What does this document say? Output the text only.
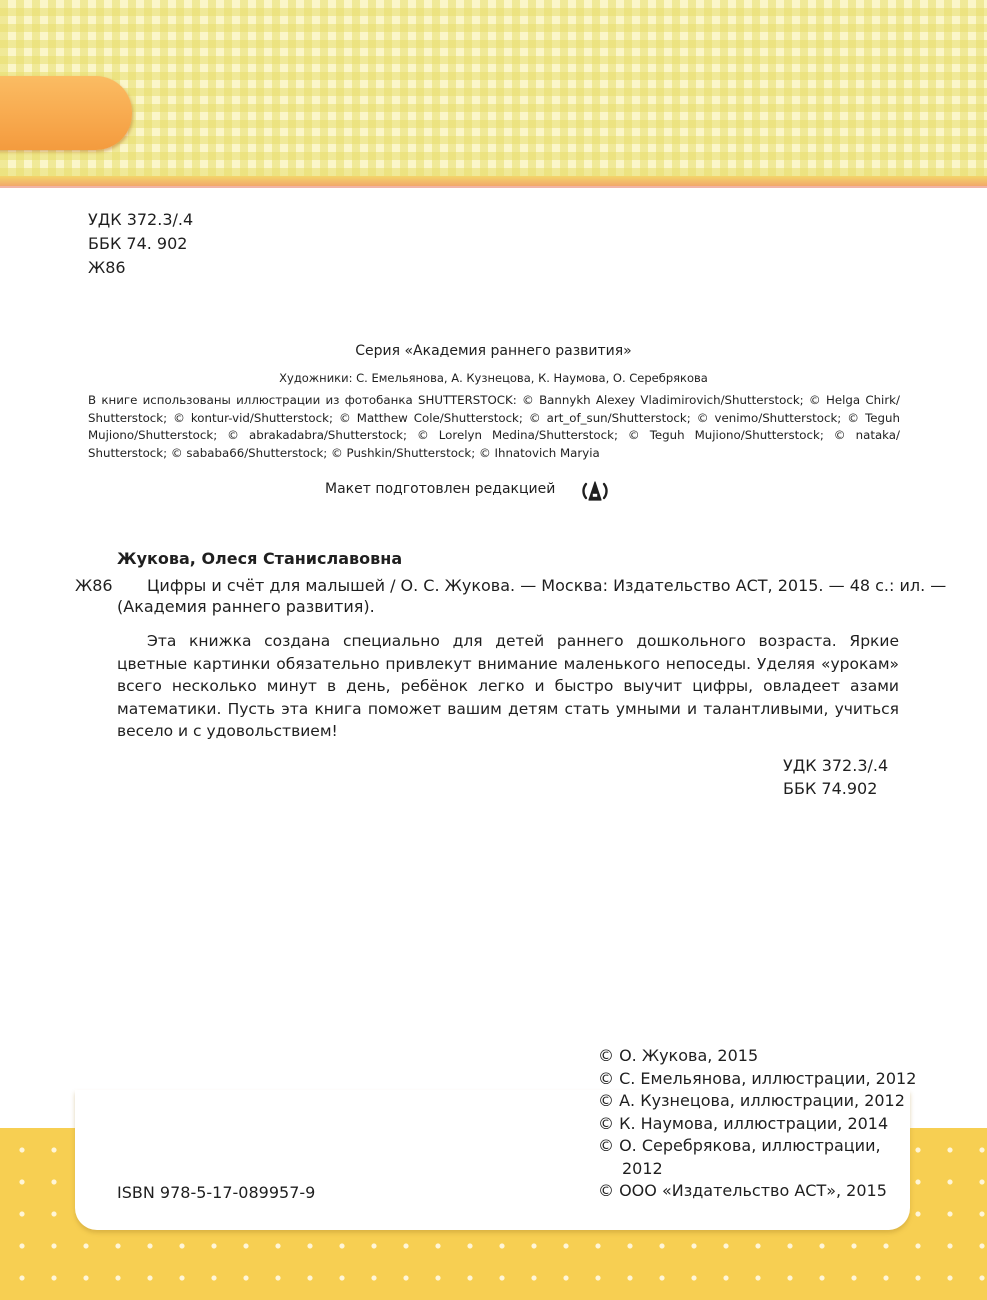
УДК 372.3/.4
ББК 74. 902
Ж86
Серия «Академия раннего развития»
Художники: С. Емельянова, А. Кузнецова, К. Наумова, О. Серебрякова
В книге использованы иллюстрации из фотобанка SHUTTERSTOCK: © Bannykh Alexey Vladimirovich/Shutterstock; © Helga Chirk/ Shutterstock; © kontur-vid/Shutterstock; © Matthew Cole/Shutterstock; © art_of_sun/Shutterstock; © venimo/Shutterstock; © Teguh Mujiono/Shutterstock; © abrakadabra/Shutterstock; © Lorelyn Medina/Shutterstock; © Teguh Mujiono/Shutterstock; © nataka/ Shutterstock; © sababa66/Shutterstock; © Pushkin/Shutterstock; © Ihnatovich Maryia
Макет подготовлен редакцией
Жукова, Олеся Станиславовна
Ж86 Цифры и счёт для малышей / О. С. Жукова. — Москва: Издательство АСТ, 2015. — 48 с.: ил. —
(Академия раннего развития).
Эта книжка создана специально для детей раннего дошкольного возраста. Яркие цветные картинки обязательно привлекут внимание маленького непоседы. Уделяя «урокам» всего несколько минут в день, ребёнок легко и быстро выучит цифры, овладеет азами математики. Пусть эта книга поможет вашим детям стать умными и талантливыми, учиться весело и с удовольствием!
УДК 372.3/.4
ББК 74.902
© О. Жукова, 2015
© С. Емельянова, иллюстрации, 2012
© А. Кузнецова, иллюстрации, 2012
© К. Наумова, иллюстрации, 2014
© О. Серебрякова, иллюстрации,
2012
© ООО «Издательство АСТ», 2015
ISBN 978-5-17-089957-9
